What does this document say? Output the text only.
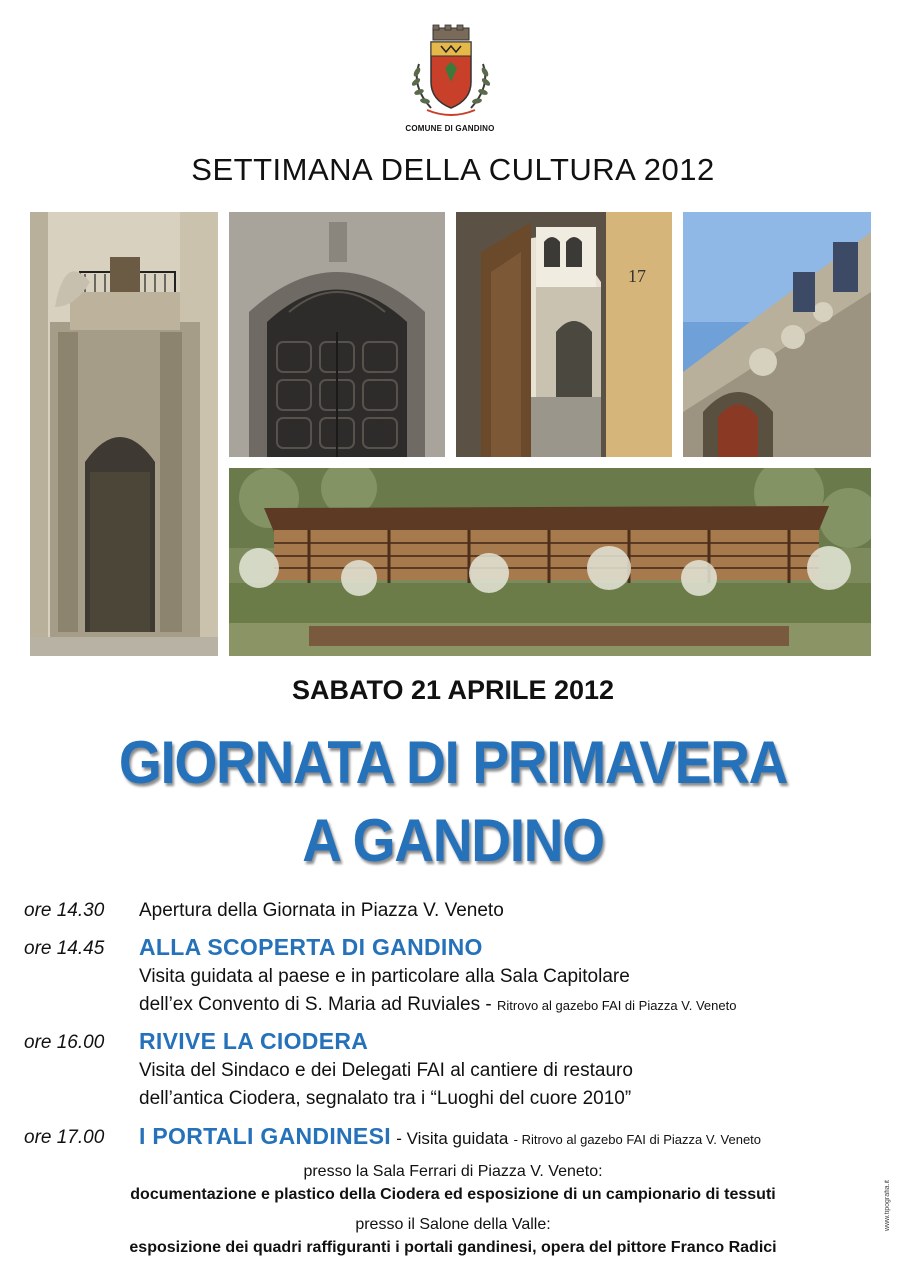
COMUNE DI GANDINO
SETTIMANA DELLA CULTURA 2012
17
SABATO 21 APRILE 2012
GIORNATA DI PRIMAVERA
A GANDINO
ore 14.30 Apertura della Giornata in Piazza V. Veneto
ore 14.45 ALLA SCOPERTA DI GANDINO
Visita guidata al paese e in particolare alla Sala Capitolare
dell’ex Convento di S. Maria ad Ruviales - Ritrovo al gazebo FAI di Piazza V. Veneto
ore 16.00 RIVIVE LA CIODERA
Visita del Sindaco e dei Delegati FAI al cantiere di restauro
dell’antica Ciodera, segnalato tra i “Luoghi del cuore 2010”
ore 17.00 I PORTALI GANDINESI - Visita guidata - Ritrovo al gazebo FAI di Piazza V. Veneto
presso la Sala Ferrari di Piazza V. Veneto:
documentazione e plastico della Ciodera ed esposizione di un campionario di tessuti
presso il Salone della Valle:
esposizione dei quadri raffiguranti i portali gandinesi, opera del pittore Franco Radici
www.tipografia.it
